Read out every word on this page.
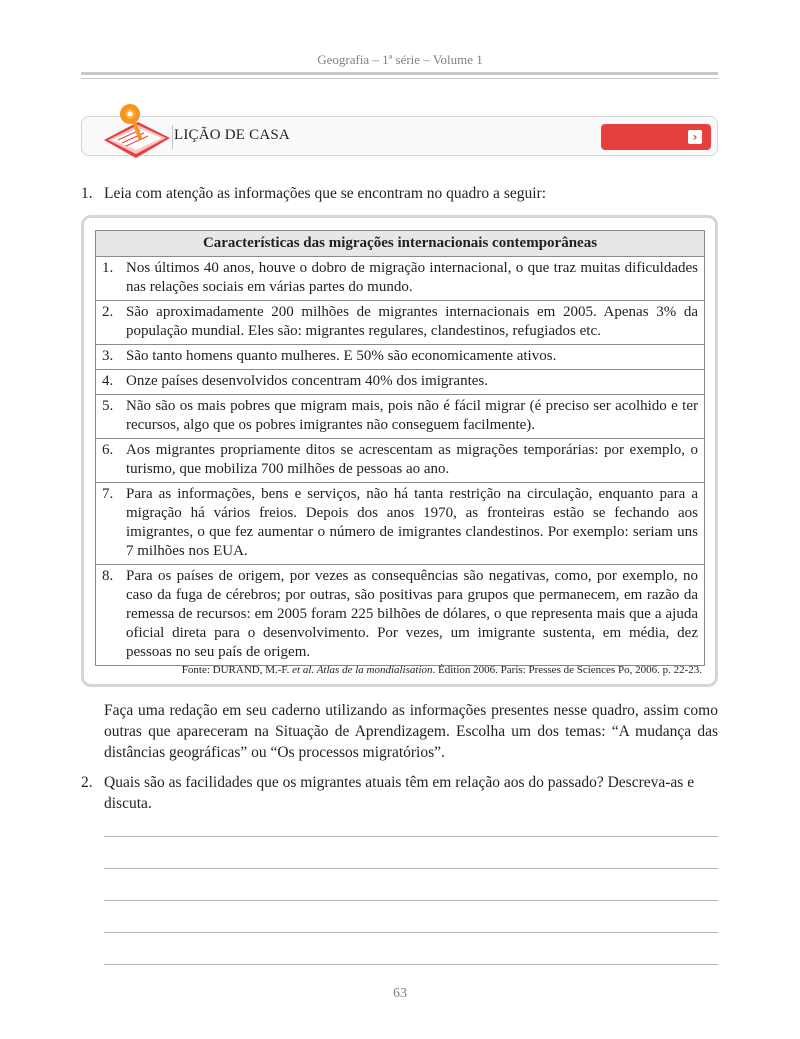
Geografia – 1ª série – Volume 1
LIÇÃO DE CASA	›
1. Leia com atenção as informações que se encontram no quadro a seguir:
Características das migrações internacionais contemporâneas

1. Nos últimos 40 anos, houve o dobro de migração internacional, o que traz muitas dificuldades nas relações sociais em várias partes do mundo.

2. São aproximadamente 200 milhões de migrantes internacionais em 2005. Apenas 3% da população mundial. Eles são: migrantes regulares, clandestinos, refugiados etc.

3. São tanto homens quanto mulheres. E 50% são economicamente ativos.

4. Onze países desenvolvidos concentram 40% dos imigrantes.

5. Não são os mais pobres que migram mais, pois não é fácil migrar (é preciso ser acolhido e ter recursos, algo que os pobres imigrantes não conseguem facilmente).

6. Aos migrantes propriamente ditos se acrescentam as migrações temporárias: por exemplo, o turismo, que mobiliza 700 milhões de pessoas ao ano.

7. Para as informações, bens e serviços, não há tanta restrição na circulação, enquanto para a migração há vários freios. Depois dos anos 1970, as fronteiras estão se fechando aos imigrantes, o que fez aumentar o número de imigrantes clandestinos. Por exemplo: seriam uns 7 milhões nos EUA.

8. Para os países de origem, por vezes as consequências são negativas, como, por exemplo, no caso da fuga de cérebros; por outras, são positivas para grupos que permanecem, em razão da remessa de recursos: em 2005 foram 225 bilhões de dólares, o que representa mais que a ajuda oficial direta para o desenvolvimento. Por vezes, um imigrante sustenta, em média, dez pessoas no seu país de origem.
Fonte: DURAND, M.-F. et al. Atlas de la mondialisation. Édition 2006. Paris: Presses de Sciences Po, 2006. p. 22-23.
Faça uma redação em seu caderno utilizando as informações presentes nesse quadro, assim como outras que apareceram na Situação de Aprendizagem. Escolha um dos temas: “A mudança das distâncias geográficas” ou “Os processos migratórios”.
2. Quais são as facilidades que os migrantes atuais têm em relação aos do passado? Descreva-as e discuta.
63
